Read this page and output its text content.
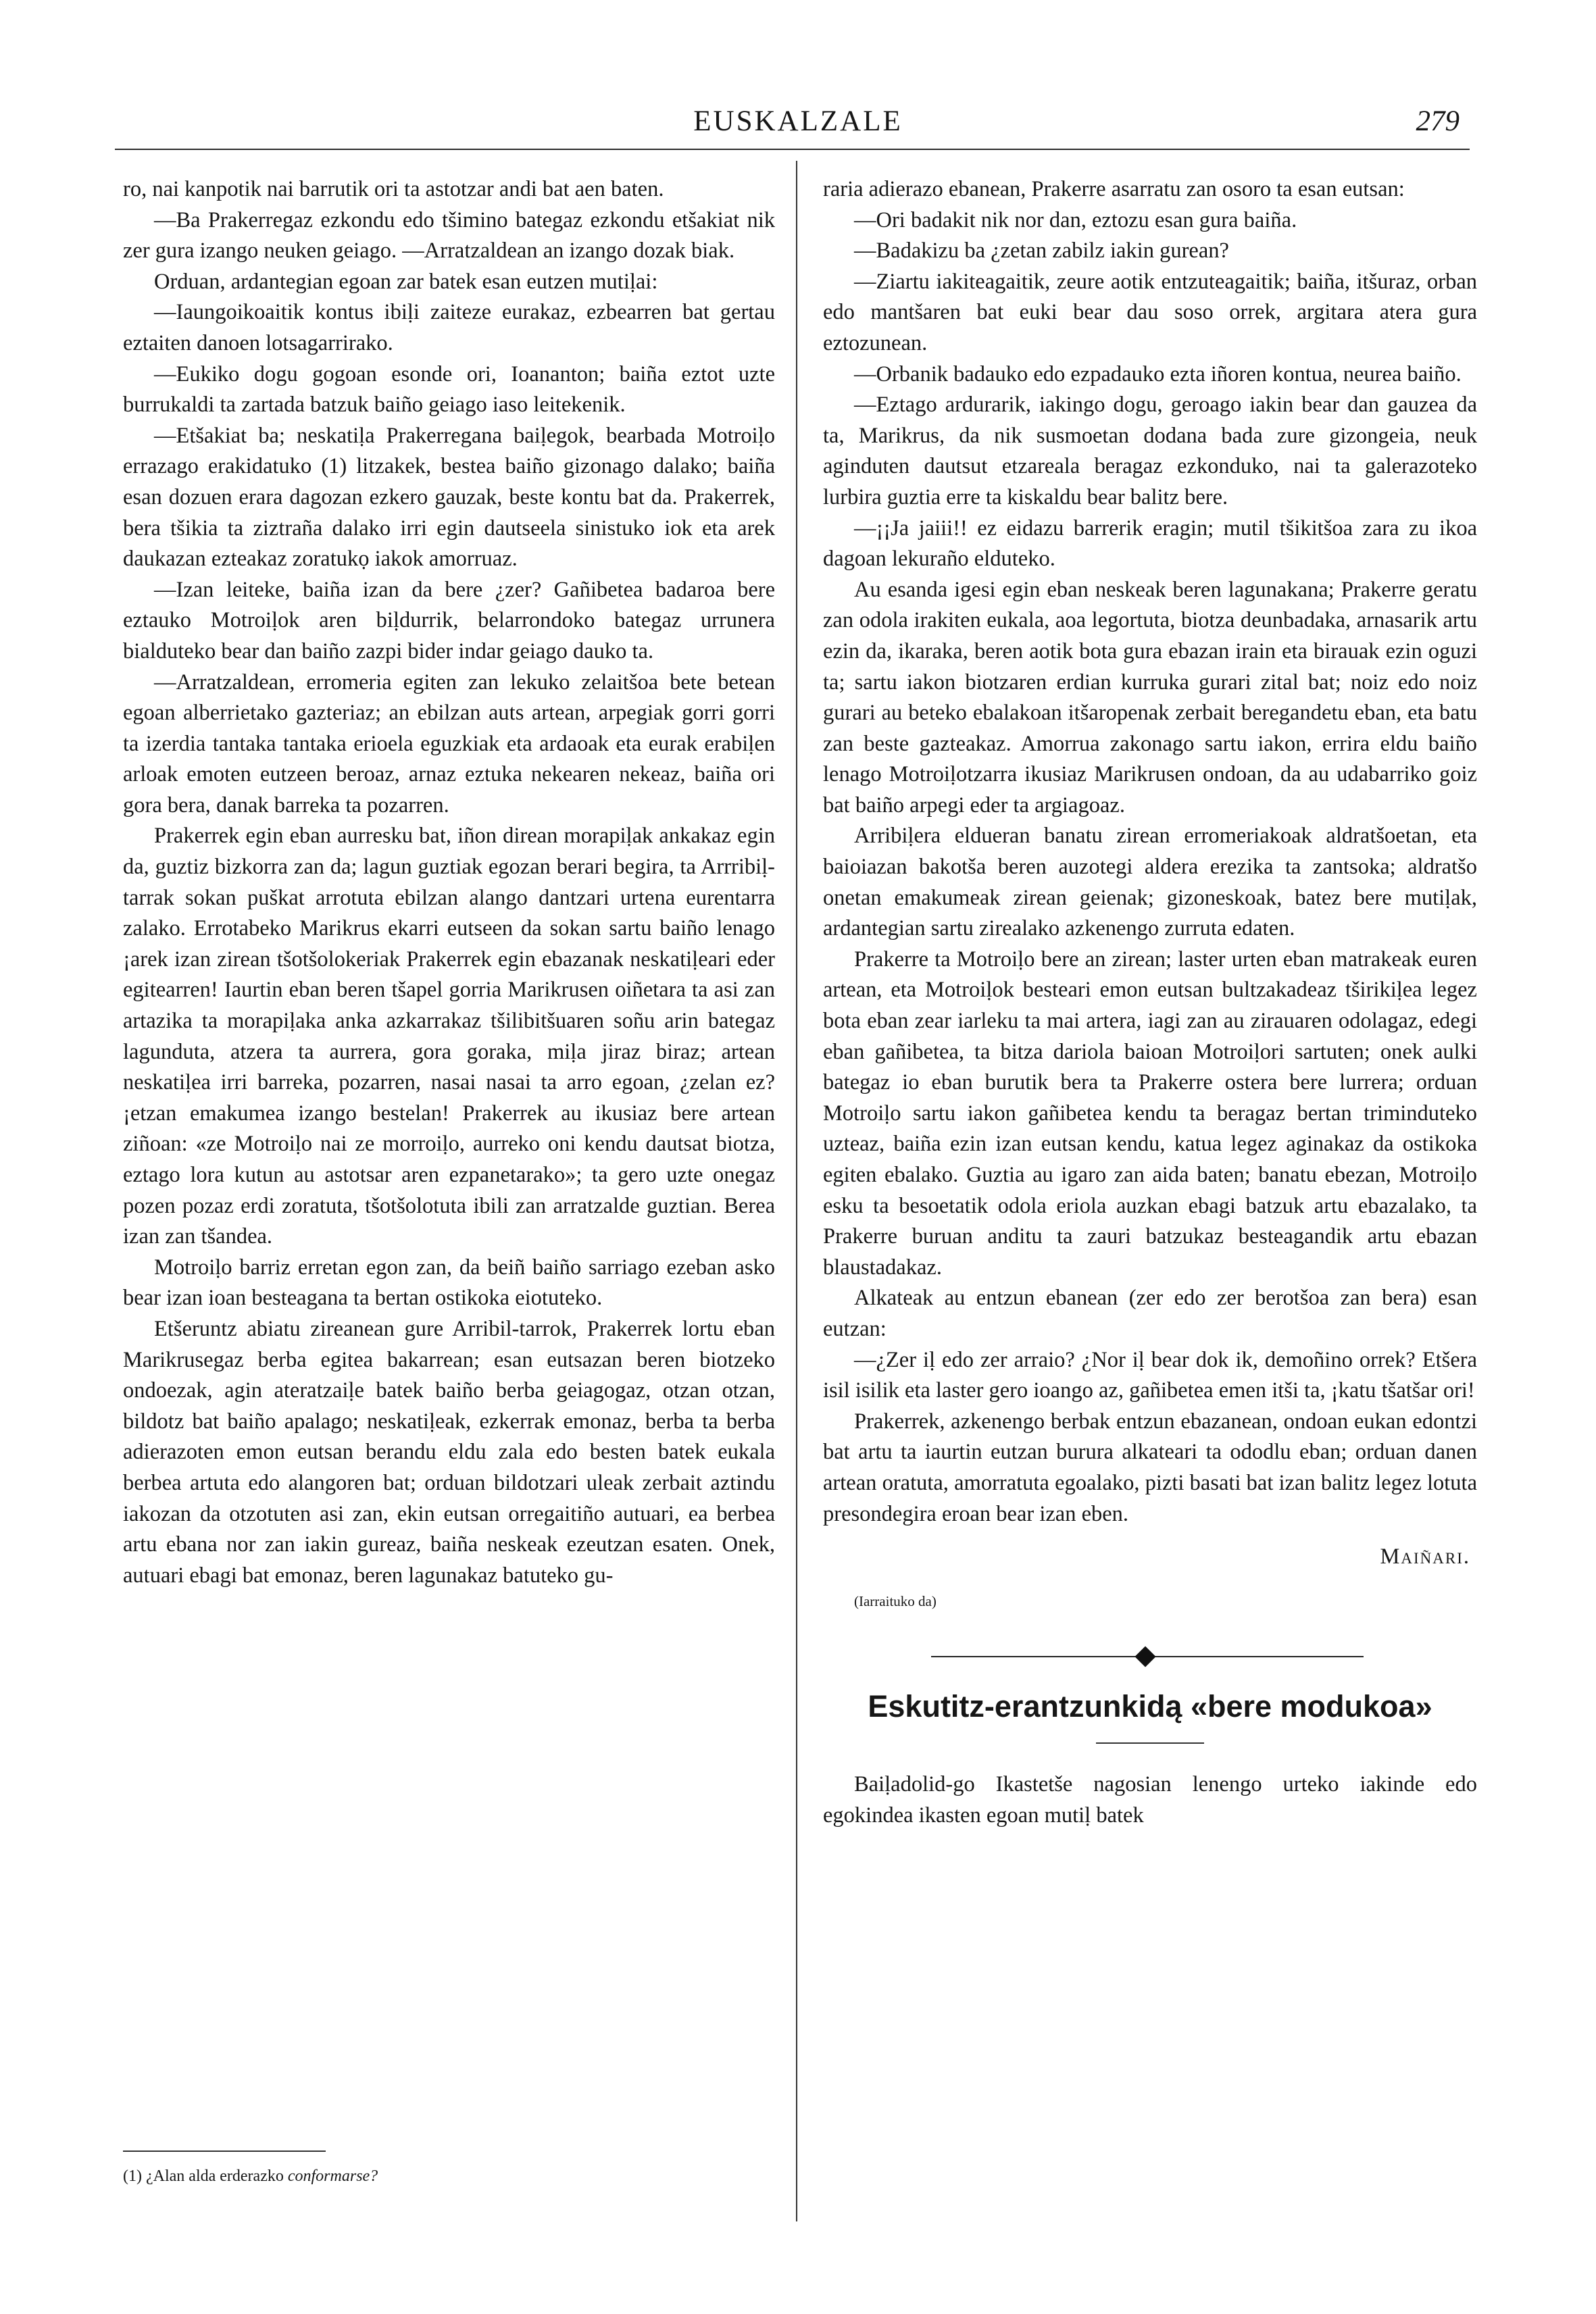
EUSKALZALE	279

ro, nai kanpotik nai barrutik ori ta astotzar andi bat aen baten.

—Ba Prakerregaz ezkondu edo tšimino bategaz ezkondu etšakiat nik zer gura izango neuken geiago. —Arratzaldean an izango dozak biak.

Orduan, ardantegian egoan zar batek esan eutzen mutiḷai:

—Iaungoikoaitik kontus ibiḷi zaiteze eurakaz, ezbearren bat gertau eztaiten danoen lotsagarrirako.

—Eukiko dogu gogoan esonde ori, Ioananton; baiña eztot uzte burrukaldi ta zartada batzuk baiño geiago iaso leitekenik.

—Etšakiat ba; neskatiḷa Prakerregana baiḷegok, bearbada Motroiḷo errazago erakidatuko (1) litzakek, bestea baiño gizonago dalako; baiña esan dozuen erara dagozan ezkero gauzak, beste kontu bat da. Prakerrek, bera tšikia ta ziztraña dalako irri egin dautseela sinistuko iok eta arek daukazan ezteakaz zoratukọ iakok amorruaz.

—Izan leiteke, baiña izan da bere ¿zer? Gañibetea badaroa bere eztauko Motroiḷok aren biḷdurrik, belarrondoko bategaz urrunera bialduteko bear dan baiño zazpi bider indar geiago dauko ta.

—Arratzaldean, erromeria egiten zan lekuko zelaitšoa bete betean egoan alberrietako gazteriaz; an ebilzan auts artean, arpegiak gorri gorri ta izerdia tantaka tantaka erioela eguzkiak eta ardaoak eta eurak erabiḷen arloak emoten eutzeen beroaz, arnaz eztuka nekearen nekeaz, baiña ori gora bera, danak barreka ta pozarren.

Prakerrek egin eban aurresku bat, iñon direan morapiḷak ankakaz egin da, guztiz bizkorra zan da; lagun guztiak egozan berari begira, ta Arrribiḷ-tarrak sokan puškat arrotuta ebilzan alango dantzari urtena eurentarra zalako. Errotabeko Marikrus ekarri eutseen da sokan sartu baiño lenago ¡arek izan zirean tšotšolokeriak Prakerrek egin ebazanak neskatiḷeari eder egitearren! Iaurtin eban beren tšapel gorria Marikrusen oiñetara ta asi zan artazika ta morapiḷaka anka azkarrakaz tšilibitšuaren soñu arin bategaz lagunduta, atzera ta aurrera, gora goraka, miḷa jiraz biraz; artean neskatiḷea irri barreka, pozarren, nasai nasai ta arro egoan, ¿zelan ez? ¡etzan emakumea izango bestelan! Prakerrek au ikusiaz bere artean ziñoan: «ze Motroiḷo nai ze morroiḷo, aurreko oni kendu dautsat biotza, eztago lora kutun au astotsar aren ezpanetarako»; ta gero uzte onegaz pozen pozaz erdi zoratuta, tšotšolotuta ibili zan arratzalde guztian. Berea izan zan tšandea.

Motroiḷo barriz erretan egon zan, da beiñ baiño sarriago ezeban asko bear izan ioan besteagana ta bertan ostikoka eiotuteko.

Etšeruntz abiatu zireanean gure Arribil-tarrok, Prakerrek lortu eban Marikrusegaz berba egitea bakarrean; esan eutsazan beren biotzeko ondoezak, agin ateratzaiḷe batek baiño berba geiagogaz, otzan otzan, bildotz bat baiño apalago; neskatiḷeak, ezkerrak emonaz, berba ta berba adierazoten emon eutsan berandu eldu zala edo besten batek eukala berbea artuta edo alangoren bat; orduan bildotzari uleak zerbait aztindu iakozan da otzotuten asi zan, ekin eutsan orregaitiño autuari, ea berbea artu ebana nor zan iakin gureaz, baiña neskeak ezeutzan esaten. Onek, autuari ebagi bat emonaz, beren lagunakaz batuteko gu-

(1) ¿Alan alda erderazko conformarse?

raria adierazo ebanean, Prakerre asarratu zan osoro ta esan eutsan:

—Ori badakit nik nor dan, eztozu esan gura baiña.

—Badakizu ba ¿zetan zabilz iakin gurean?

—Ziartu iakiteagaitik, zeure aotik entzuteagaitik; baiña, itšuraz, orban edo mantšaren bat euki bear dau soso orrek, argitara atera gura eztozunean.

—Orbanik badauko edo ezpadauko ezta iñoren kontua, neurea baiño.

—Eztago ardurarik, iakingo dogu, geroago iakin bear dan gauzea da ta, Marikrus, da nik susmoetan dodana bada zure gizongeia, neuk aginduten dautsut etzareala beragaz ezkonduko, nai ta galerazoteko lurbira guztia erre ta kiskaldu bear balitz bere.

—¡¡Ja jaiii!! ez eidazu barrerik eragin; mutil tšikitšoa zara zu ikoa dagoan lekuraño elduteko.

Au esanda igesi egin eban neskeak beren lagunakana; Prakerre geratu zan odola irakiten eukala, aoa legortuta, biotza deunbadaka, arnasarik artu ezin da, ikaraka, beren aotik bota gura ebazan irain eta birauak ezin oguzi ta; sartu iakon biotzaren erdian kurruka gurari zital bat; noiz edo noiz gurari au beteko ebalakoan itšaropenak zerbait beregandetu eban, eta batu zan beste gazteakaz. Amorrua zakonago sartu iakon, errira eldu baiño lenago Motroiḷotzarra ikusiaz Marikrusen ondoan, da au udabarriko goiz bat baiño arpegi eder ta argiagoaz.

Arribiḷera eldueran banatu zirean erromeriakoak aldratšoetan, eta baioiazan bakotša beren auzotegi aldera erezika ta zantsoka; aldratšo onetan emakumeak zirean geienak; gizoneskoak, batez bere mutiḷak, ardantegian sartu zirealako azkenengo zurruta edaten.

Prakerre ta Motroiḷo bere an zirean; laster urten eban matrakeak euren artean, eta Motroiḷok besteari emon eutsan bultzakadeaz tširikiḷea legez bota eban zear iarleku ta mai artera, iagi zan au zirauaren odolagaz, edegi eban gañibetea, ta bitza dariola baioan Motroiḷori sartuten; onek aulki bategaz io eban burutik bera ta Prakerre ostera bere lurrera; orduan Motroiḷo sartu iakon gañibetea kendu ta beragaz bertan triminduteko uzteaz, baiña ezin izan eutsan kendu, katua legez aginakaz da ostikoka egiten ebalako. Guztia au igaro zan aida baten; banatu ebezan, Motroiḷo esku ta besoetatik odola eriola auzkan ebagi batzuk artu ebazalako, ta Prakerre buruan anditu ta zauri batzukaz besteagandik artu ebazan blaustadakaz.

Alkateak au entzun ebanean (zer edo zer berotšoa zan bera) esan eutzan:

—¿Zer iḷ edo zer arraio? ¿Nor iḷ bear dok ik, demoñino orrek? Etšera isil isilik eta laster gero ioango az, gañibetea emen itši ta, ¡katu tšatšar ori!

Prakerrek, azkenengo berbak entzun ebazanean, ondoan eukan edontzi bat artu ta iaurtin eutzan burura alkateari ta ododlu eban; orduan danen artean oratuta, amorratuta egoalako, pizti basati bat izan balitz legez lotuta presondegira eroan bear izan eben.

Maiñari.
(Iarraituko da)
Eskutitz-erantzunkidą «bere modukoa»

Baiḷadolid-go Ikastetše nagosian lenengo urteko iakinde edo egokindea ikasten egoan mutiḷ batek
